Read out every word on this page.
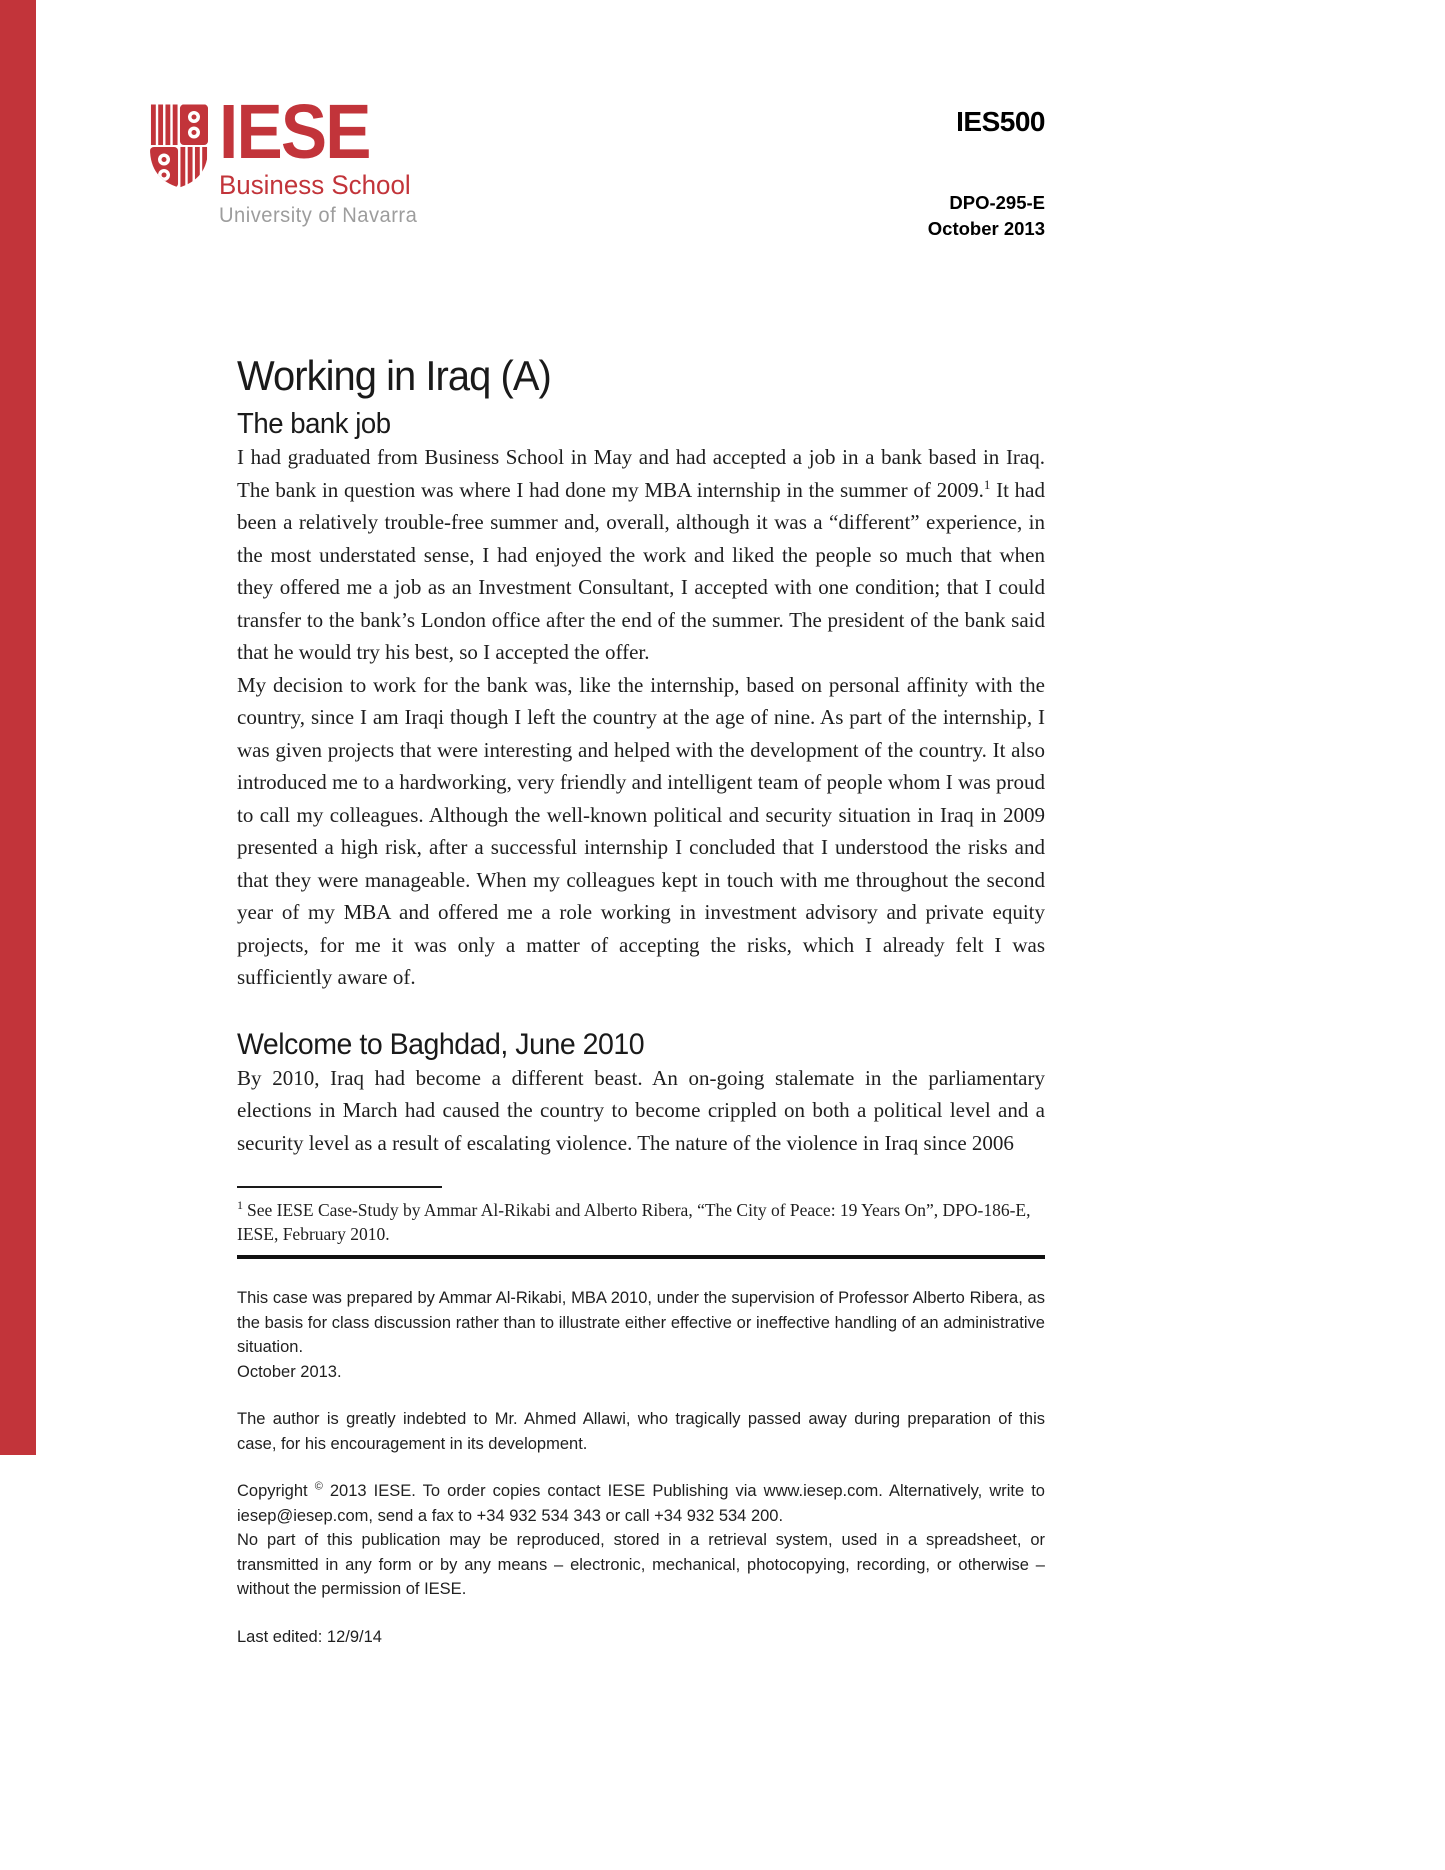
IESE
Business School
University of Navarra
IES500
DPO-295-E
October 2013
Working in Iraq (A)
The bank job

I had graduated from Business School in May and had accepted a job in a bank based in Iraq. The bank in question was where I had done my MBA internship in the summer of 2009.$^1$ It had been a relatively trouble-free summer and, overall, although it was a “different” experience, in the most understated sense, I had enjoyed the work and liked the people so much that when they offered me a job as an Investment Consultant, I accepted with one condition; that I could transfer to the bank’s London office after the end of the summer. The president of the bank said that he would try his best, so I accepted the offer.

My decision to work for the bank was, like the internship, based on personal affinity with the country, since I am Iraqi though I left the country at the age of nine. As part of the internship, I was given projects that were interesting and helped with the development of the country. It also introduced me to a hardworking, very friendly and intelligent team of people whom I was proud to call my colleagues. Although the well-known political and security situation in Iraq in 2009 presented a high risk, after a successful internship I concluded that I understood the risks and that they were manageable. When my colleagues kept in touch with me throughout the second year of my MBA and offered me a role working in investment advisory and private equity projects, for me it was only a matter of accepting the risks, which I already felt I was sufficiently aware of.

Welcome to Baghdad, June 2010

By 2010, Iraq had become a different beast. An on-going stalemate in the parliamentary elections in March had caused the country to become crippled on both a political level and a security level as a result of escalating violence. The nature of the violence in Iraq since 2006

$^1$ See IESE Case-Study by Ammar Al-Rikabi and Alberto Ribera, “The City of Peace: 19 Years On”, DPO-186-E, IESE, February 2010.

This case was prepared by Ammar Al-Rikabi, MBA 2010, under the supervision of Professor Alberto Ribera, as the basis for class discussion rather than to illustrate either effective or ineffective handling of an administrative situation.

October 2013.

The author is greatly indebted to Mr. Ahmed Allawi, who tragically passed away during preparation of this case, for his encouragement in its development.

Copyright © 2013 IESE. To order copies contact IESE Publishing via www.iesep.com. Alternatively, write to iesep@iesep.com, send a fax to +34 932 534 343 or call +34 932 534 200.

No part of this publication may be reproduced, stored in a retrieval system, used in a spreadsheet, or transmitted in any form or by any means – electronic, mechanical, photocopying, recording, or otherwise – without the permission of IESE.

Last edited: 12/9/14
